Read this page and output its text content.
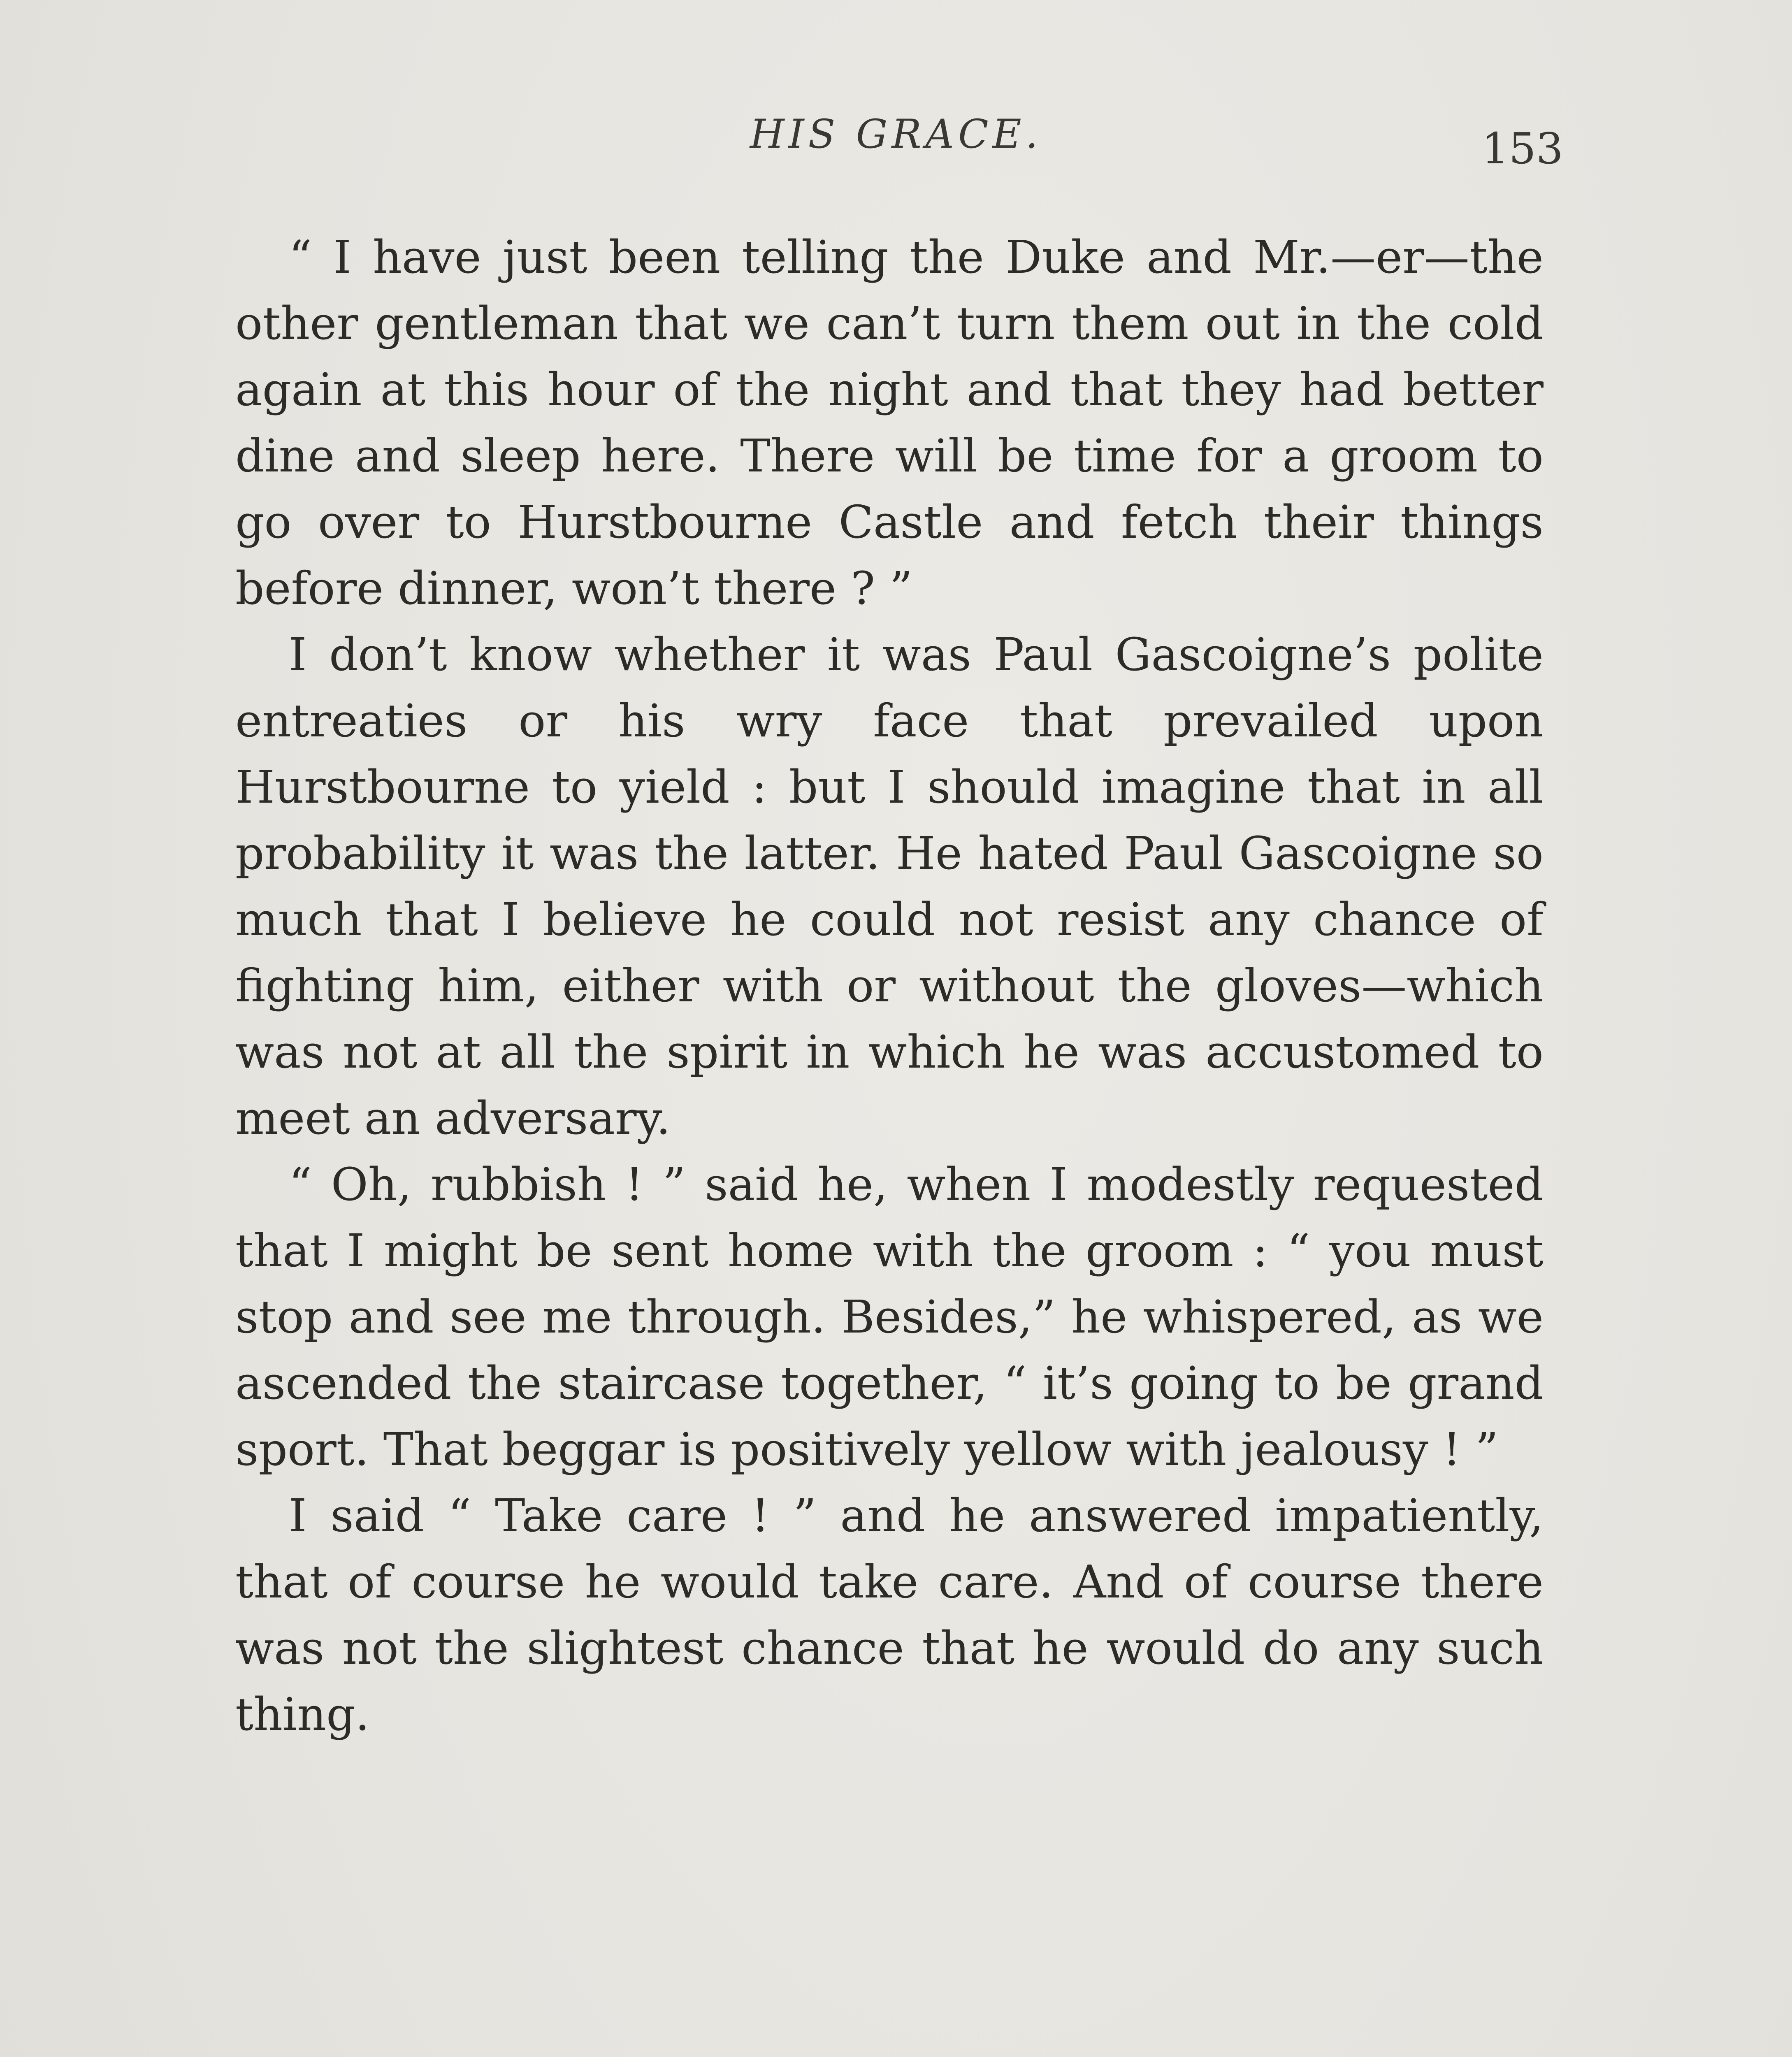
HIS GRACE.	153

“ I have just been telling the Duke and Mr.—er—the other gentleman that we can’t turn them out in the cold again at this hour of the night and that they had better dine and sleep here. There will be time for a groom to go over to Hurstbourne Castle and fetch their things before dinner, won’t there ? ”

I don’t know whether it was Paul Gascoigne’s polite entreaties or his wry face that prevailed upon Hurstbourne to yield : but I should imagine that in all probability it was the latter. He hated Paul Gascoigne so much that I believe he could not resist any chance of fighting him, either with or without the gloves—which was not at all the spirit in which he was accustomed to meet an adversary.

“ Oh, rubbish ! ” said he, when I modestly requested that I might be sent home with the groom : “ you must stop and see me through. Besides,” he whispered, as we ascended the staircase together, “ it’s going to be grand sport. That beggar is positively yellow with jealousy ! ”

I said “ Take care ! ” and he answered impatiently, that of course he would take care. And of course there was not the slightest chance that he would do any such thing.
